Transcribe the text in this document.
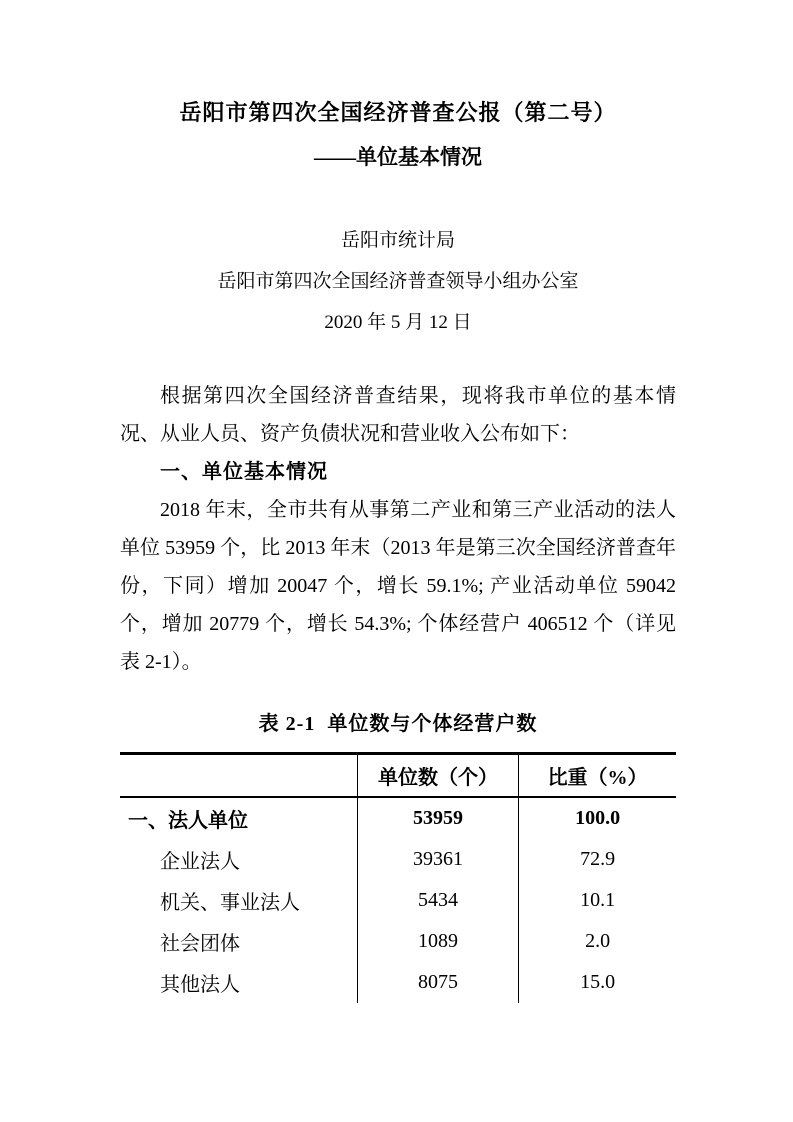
岳阳市第四次全国经济普查公报（第二号）
——单位基本情况
岳阳市统计局
岳阳市第四次全国经济普查领导小组办公室
2020 年 5 月 12 日

根据第四次全国经济普查结果，现将我市单位的基本情况、从业人员、资产负债状况和营业收入公布如下：

一、单位基本情况

2018 年末，全市共有从事第二产业和第三产业活动的法人单位 53959 个，比 2013 年末（2013 年是第三次全国经济普查年份，下同）增加 20047 个，增长 59.1%; 产业活动单位 59042 个，增加 20779 个，增长 54.3%; 个体经营户 406512 个（详见表 2-1）。

表 2-1  单位数与个体经营户数
	单位数（个）	比重（%）
一、法人单位	53959	100.0
企业法人	39361	72.9
机关、事业法人	5434	10.1
社会团体	1089	2.0
其他法人	8075	15.0
